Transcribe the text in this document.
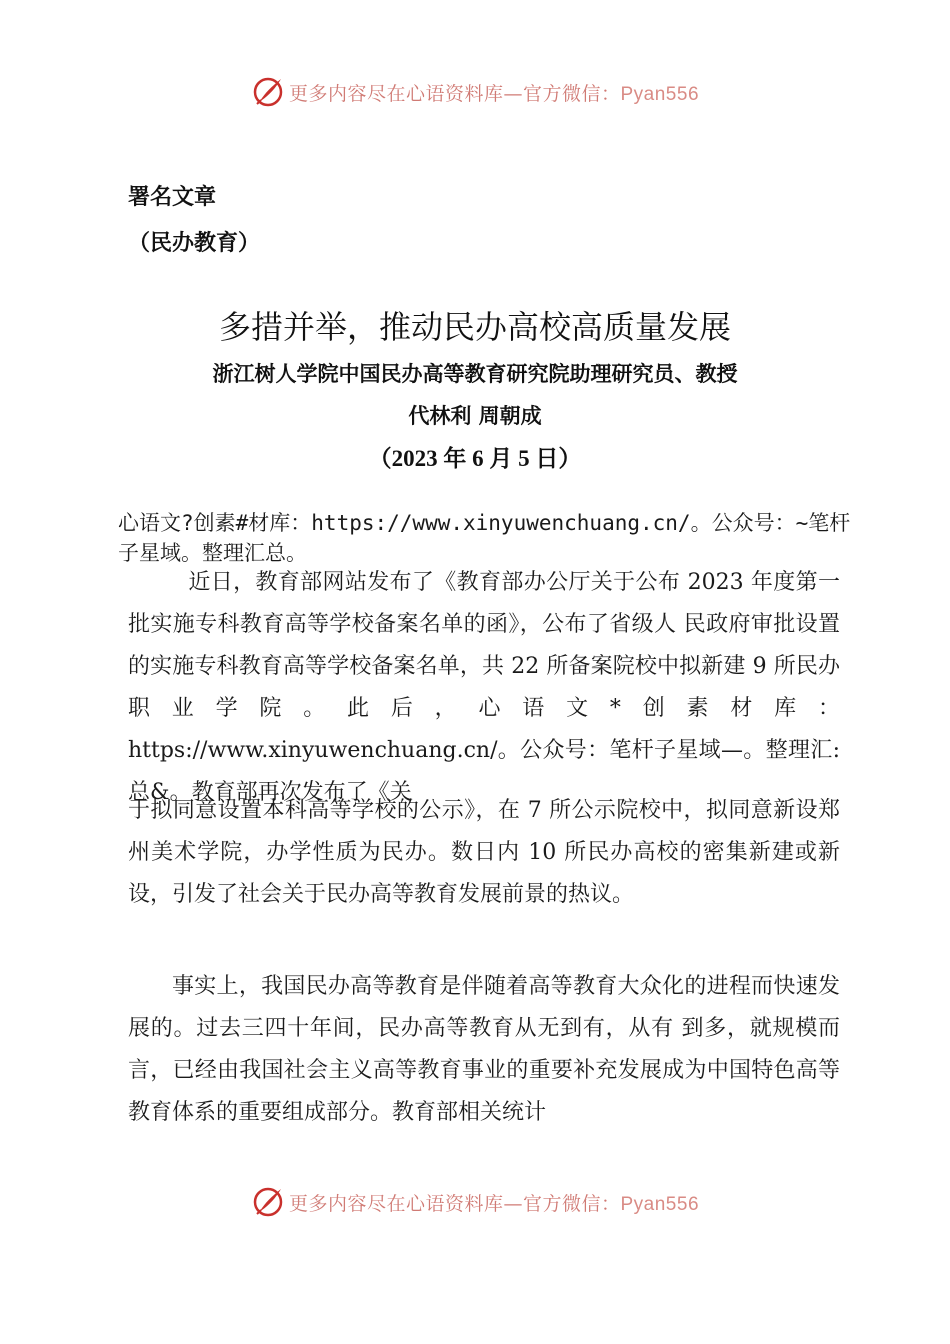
更多内容尽在心语资料库—官方微信：Pyan556
署名文章
（民办教育）
多措并举，推动民办高校高质量发展
浙江树人学院中国民办高等教育研究院助理研究员、教授
代林利 周朝成
（2023 年 6 月 5 日）

心语文?创素#材库：https://www.xinyuwenchuang.cn/。公众号：~笔杆子星域。整理汇总。

近日，教育部网站发布了《教育部办公厅关于公布 2023 年度第一批实施专科教育高等学校备案名单的函》，公布了省级人 民政府审批设置的实施专科教育高等学校备案名单，共 22 所备案院校中拟新建 9 所民办职业学院。此后，心语文*创素材库：https://www.xinyuwenchuang.cn/。公众号：笔杆子星域—。整理汇:总&。教育部再次发布了《关

于拟同意设置本科高等学校的公示》，在 7 所公示院校中，拟同意新设郑州美术学院，办学性质为民办。数日内 10 所民办高校的密集新建或新设，引发了社会关于民办高等教育发展前景的热议。

事实上，我国民办高等教育是伴随着高等教育大众化的进程而快速发展的。过去三四十年间，民办高等教育从无到有，从有 到多，就规模而言，已经由我国社会主义高等教育事业的重要补充发展成为中国特色高等教育体系的重要组成部分。教育部相关统计

更多内容尽在心语资料库—官方微信：Pyan556
